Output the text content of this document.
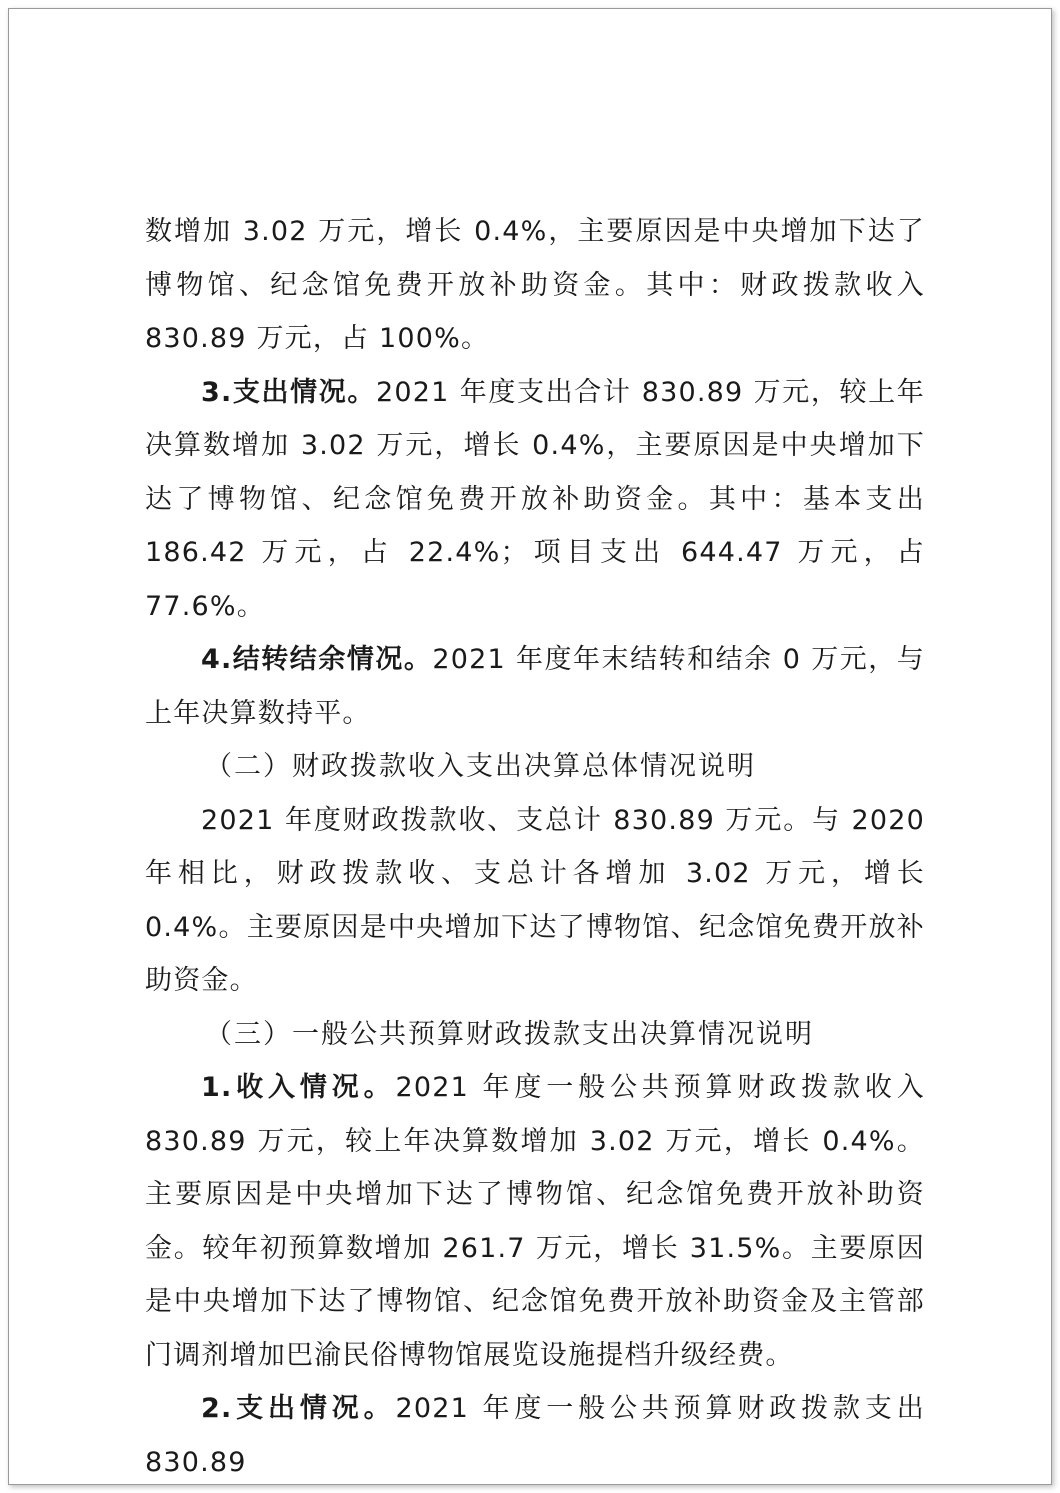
数增加 3.02 万元，增长 0.4%，主要原因是中央增加下达了博物馆、纪念馆免费开放补助资金。其中：财政拨款收入 830.89 万元，占 100%。

3.支出情况。2021 年度支出合计 830.89 万元，较上年决算数增加 3.02 万元，增长 0.4%，主要原因是中央增加下达了博物馆、纪念馆免费开放补助资金。其中：基本支出 186.42 万元，占 22.4%；项目支出 644.47 万元，占 77.6%。

4.结转结余情况。2021 年度年末结转和结余 0 万元，与上年决算数持平。

（二）财政拨款收入支出决算总体情况说明

2021 年度财政拨款收、支总计 830.89 万元。与 2020 年相比，财政拨款收、支总计各增加 3.02 万元，增长 0.4%。主要原因是中央增加下达了博物馆、纪念馆免费开放补助资金。

（三）一般公共预算财政拨款支出决算情况说明

1.收入情况。2021 年度一般公共预算财政拨款收入 830.89 万元，较上年决算数增加 3.02 万元，增长 0.4%。主要原因是中央增加下达了博物馆、纪念馆免费开放补助资金。较年初预算数增加 261.7 万元，增长 31.5%。主要原因是中央增加下达了博物馆、纪念馆免费开放补助资金及主管部门调剂增加巴渝民俗博物馆展览设施提档升级经费。

2.支出情况。2021 年度一般公共预算财政拨款支出 830.89
